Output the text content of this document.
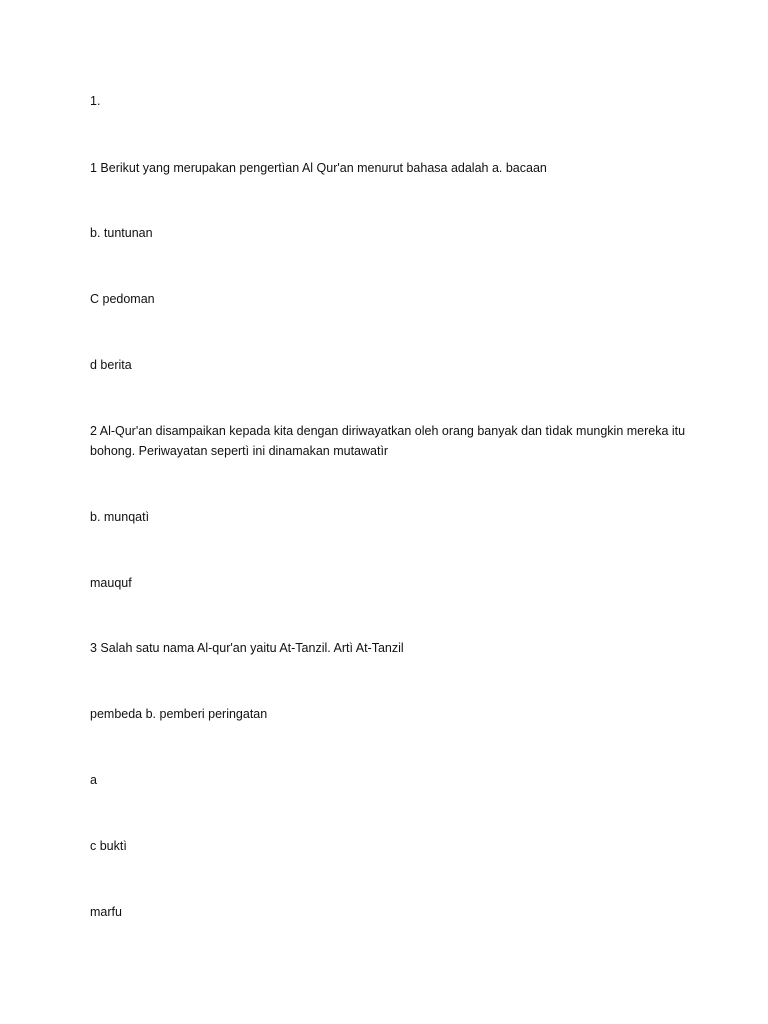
1.
1 Berikut yang merupakan pengertìan Al Qur'an menurut bahasa adalah a. bacaan
b. tuntunan
C pedoman
d berita
2 Al-Qur'an disampaikan kepada kita dengan diriwayatkan oleh orang banyak dan tìdak mungkin mereka itu bohong. Periwayatan sepertì ini dinamakan mutawatìr
b. munqatì
mauquf
3 Salah satu nama Al-qur'an yaitu At-Tanzil. Artì At-Tanzil
pembeda b. pemberi peringatan
a
c buktì
marfu
